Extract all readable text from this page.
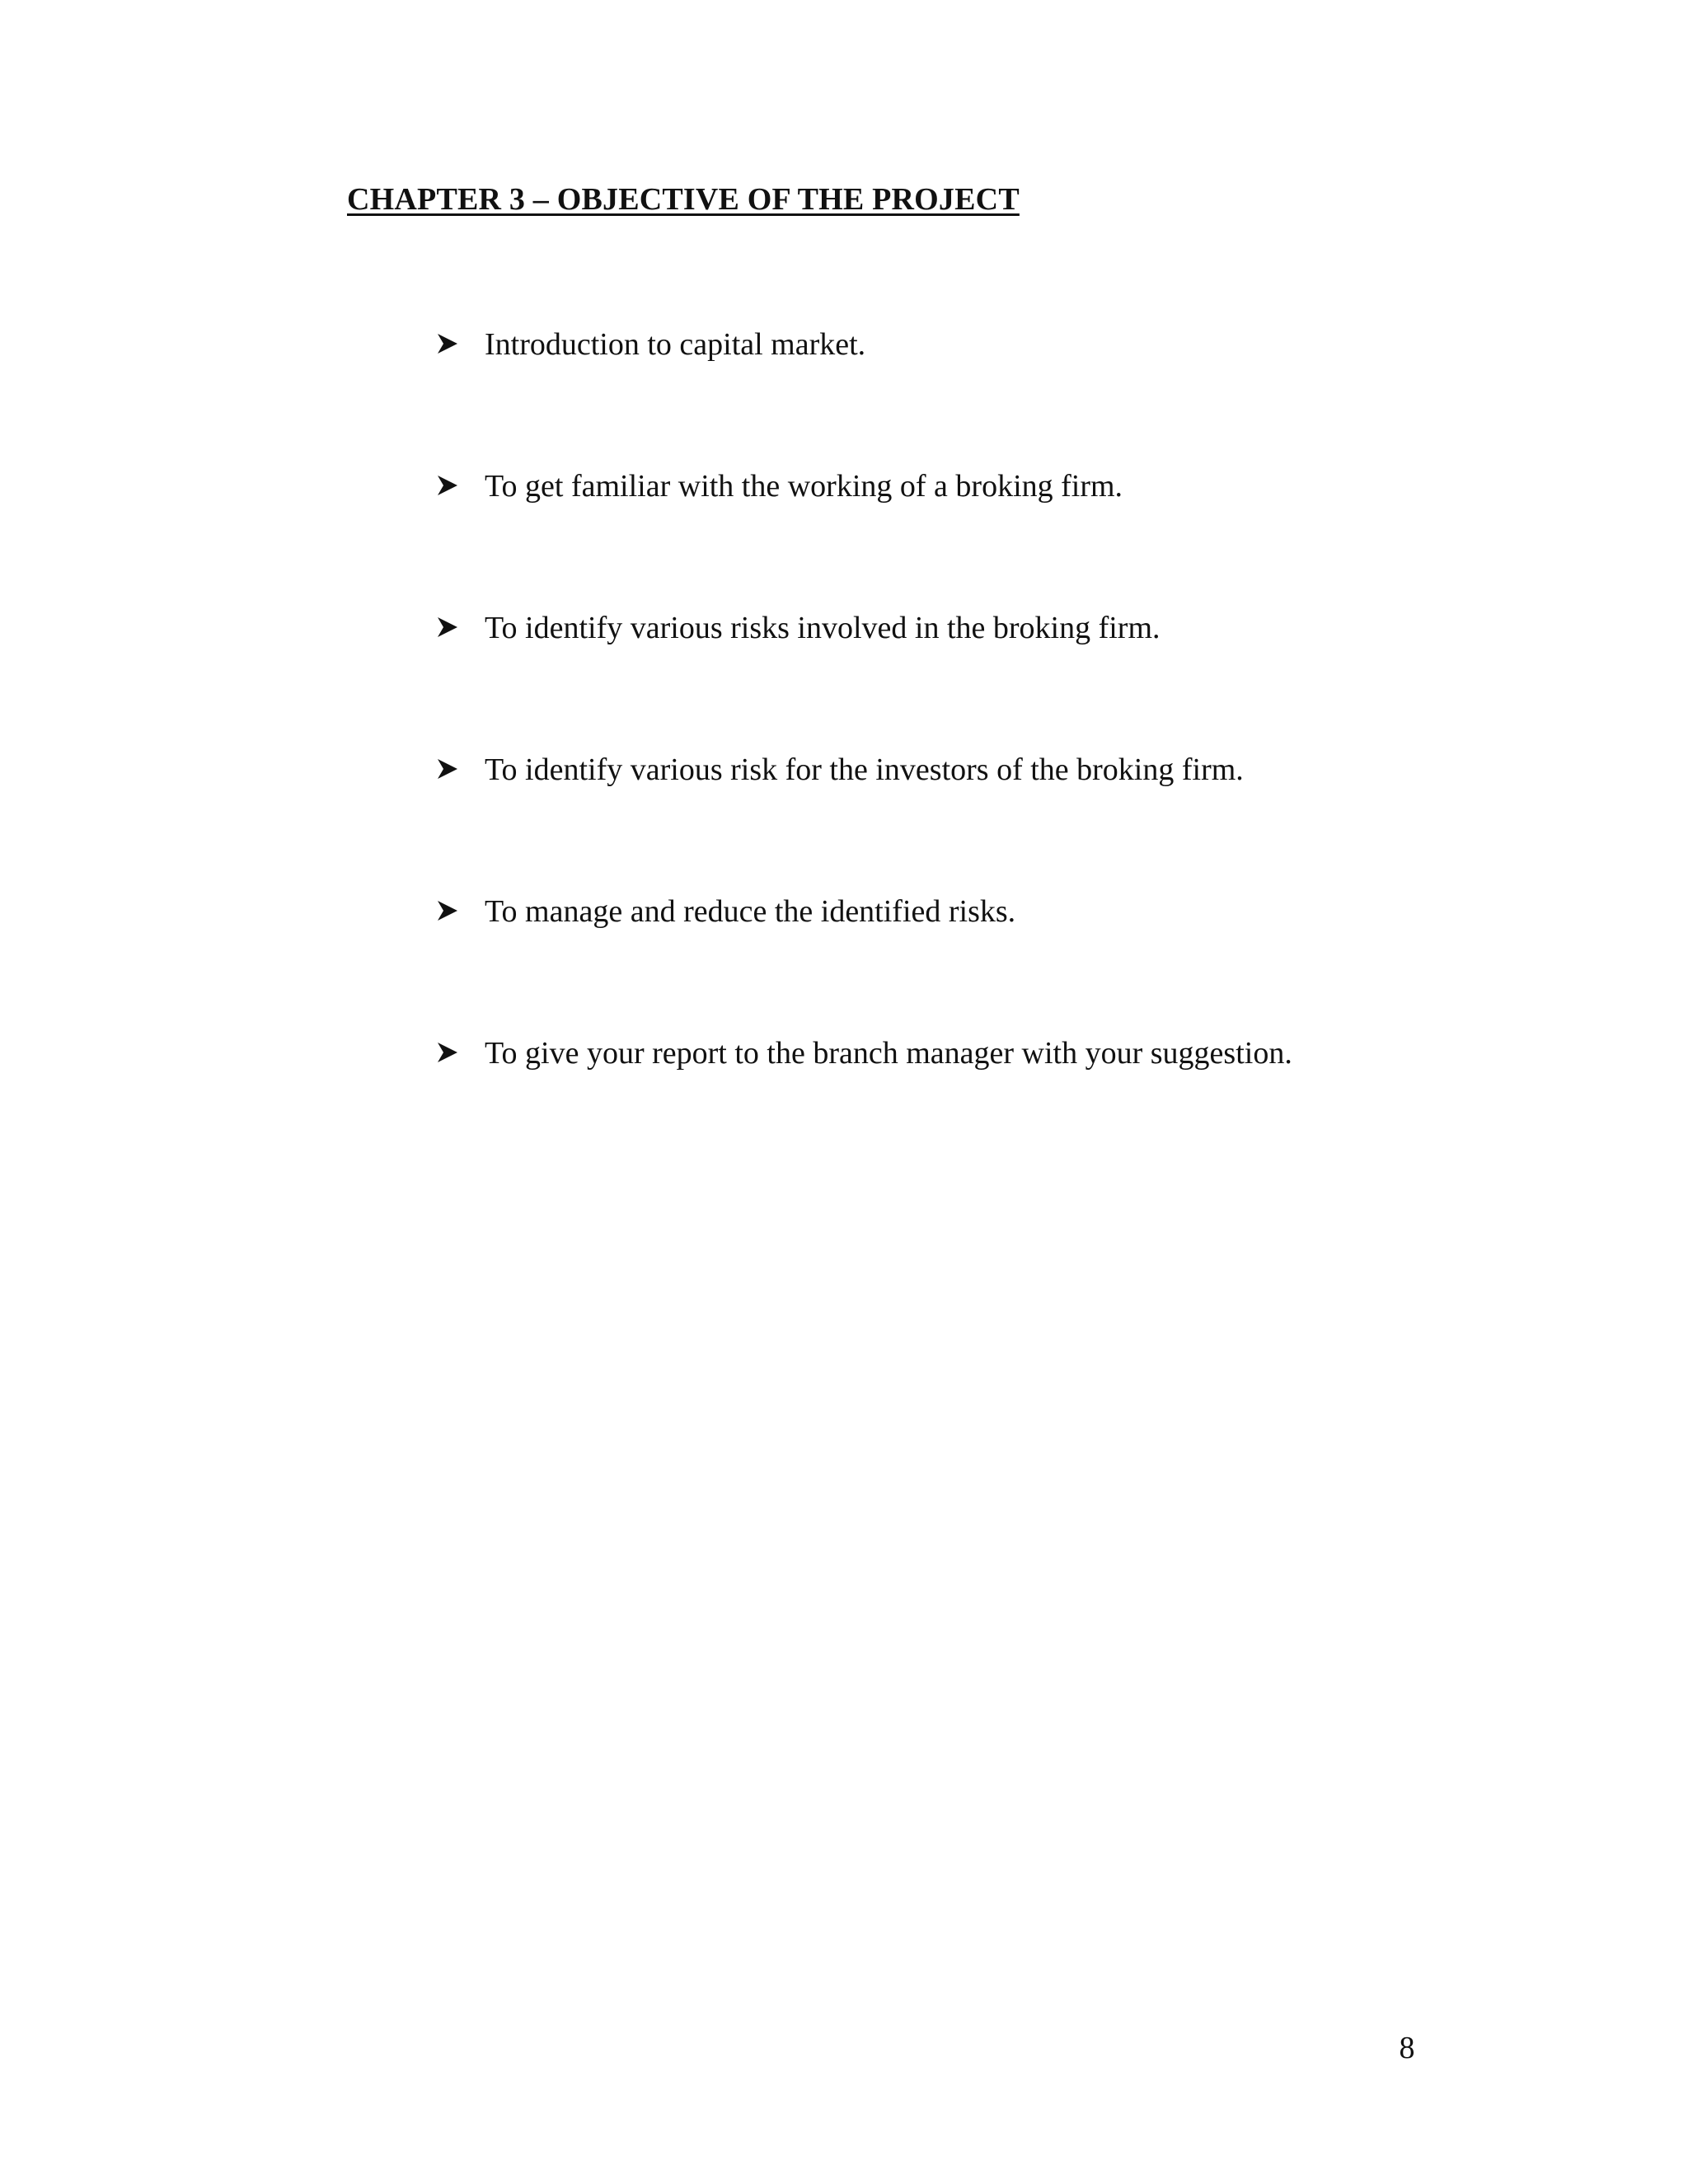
CHAPTER 3 – OBJECTIVE OF THE PROJECT
Introduction to capital market.
To get familiar with the working of a broking firm.
To identify various risks involved in the broking firm.
To identify various risk for the investors of the broking firm.
To manage and reduce the identified risks.
To give your report to the branch manager with your suggestion.
8
